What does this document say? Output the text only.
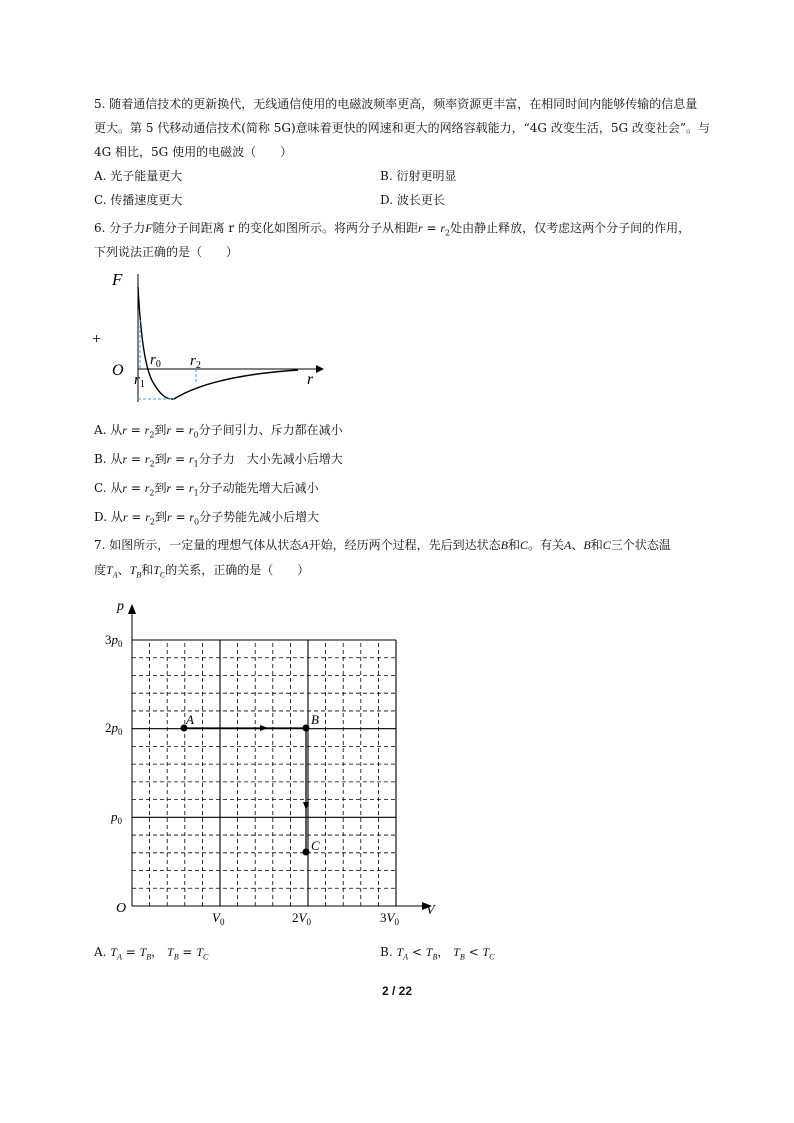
5. 随着通信技术的更新换代，无线通信使用的电磁波频率更高，频率资源更丰富，在相同时间内能够传输的信息量
更大。第 5 代移动通信技术(简称 5G)意味着更快的网速和更大的网络容载能力，“4G 改变生活，5G 改变社会”。与
4G 相比，5G 使用的电磁波（　　）
A. 光子能量更大	B. 衍射更明显
C. 传播速度更大	D. 波长更长
6. 分子力F随分子间距离 r 的变化如图所示。将两分子从相距$r = r_2$处由静止释放，仅考虑这两个分子间的作用，
下列说法正确的是（　　）
F
+
O
r
$r_0$
$r_1$
$r_2$
A. 从$r = r_2$到$r = r_0$分子间引力、斥力都在减小
B. 从$r = r_2$到$r = r_1$分子力　大小先减小后增大
C. 从$r = r_2$到$r = r_1$分子动能先增大后减小
D. 从$r = r_2$到$r = r_0$分子势能先减小后增大
7. 如图所示，一定量的理想气体从状态A开始，经历两个过程，先后到达状态B和C。有关A、B和C三个状态温
度$T_A$、$T_B$和$T_C$的关系，正确的是（　　）
A	B
C
p
V
O
$3p_0$
$2p_0$
$p_0$
$V_0$	$2V_0$	$3V_0$
A. $T_A = T_B$， $T_B = T_C$	B. $T_A < T_B$， $T_B < T_C$
2 / 22
